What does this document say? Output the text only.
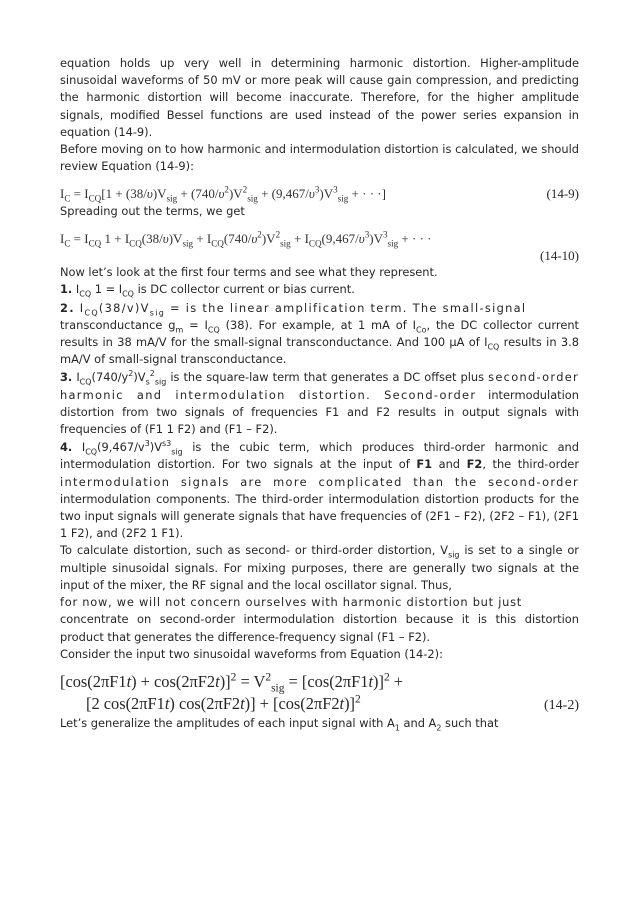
equation holds up very well in determining harmonic distortion. Higher-amplitude sinusoidal waveforms of 50 mV or more peak will cause gain compression, and predicting the harmonic distortion will become inaccurate. Therefore, for the higher amplitude signals, modified Bessel functions are used instead of the power series expansion in equation (14-9).

Before moving on to how harmonic and intermodulation distortion is calculated, we should review Equation (14-9):

$I_C = I_{CQ}[1 + (38/\upsilon)V_{sig} + (740/\upsilon^2)V^2_{sig} + (9,467/\upsilon^3)V^3_{sig}$ + · · ·]	(14-9)

Spreading out the terms, we get

$I_C = I_{CQ}$ $1 + I_{CQ}(38/\upsilon)V_{sig} + I_{CQ}(740/\upsilon^2)V^2_{sig} + I_{CQ}(9,467/\upsilon^3)V^3_{sig}$ + · · ·
(14-10)

Now let’s look at the first four terms and see what they represent.

1. $I_{CQ}$ $1 = I_{CQ}$ is DC collector current or bias current.

2. $I_{CQ}(38/v)V_{sig}$ = is the linear amplification term. The small-signal

transconductance $g_m = I_{CQ}$ (38). For example, at 1 mA of $I_{Co}$, the DC collector current results in 38 mA/V for the small-signal transconductance. And 100 μA of $I_{CQ}$ results in 3.8 mA/V of small-signal transconductance.

3. $I_{CQ}(740/y^2)V_s^2_{sig}$ is the square-law term that generates a DC offset plus second-order harmonic and intermodulation distortion. Second-order intermodulation distortion from two signals of frequencies F1 and F2 results in output signals with frequencies of (F1 1 F2) and (F1 – F2).

4. $I_{CQ}(9,467/v^3)V^{s3}_{sig}$ is the cubic term, which produces third-order harmonic and intermodulation distortion. For two signals at the input of F1 and F2, the third-order intermodulation signals are more complicated than the second-order intermodulation components. The third-order intermodulation distortion products for the two input signals will generate signals that have frequencies of (2F1 – F2), (2F2 – F1), (2F1 1 F2), and (2F2 1 F1).

To calculate distortion, such as second- or third-order distortion, $V_{sig}$ is set to a single or multiple sinusoidal signals. For mixing purposes, there are generally two signals at the input of the mixer, the RF signal and the local oscillator signal. Thus,

for now, we will not concern ourselves with harmonic distortion but just

concentrate on second-order intermodulation distortion because it is this distortion product that generates the difference-frequency signal (F1 – F2).

Consider the input two sinusoidal waveforms from Equation (14-2):

$[\cos(2\pi F1t) + \cos(2\pi F2t)]^2 = V^2_{sig} = [\cos(2\pi F1t)]^2$ +
[2 cos(2πF1t) $\cos(2\pi F2t)] + [\cos(2\pi F2t)]^2$	(14-2)

Let’s generalize the amplitudes of each input signal with $A_1$ and $A_2$ such that
